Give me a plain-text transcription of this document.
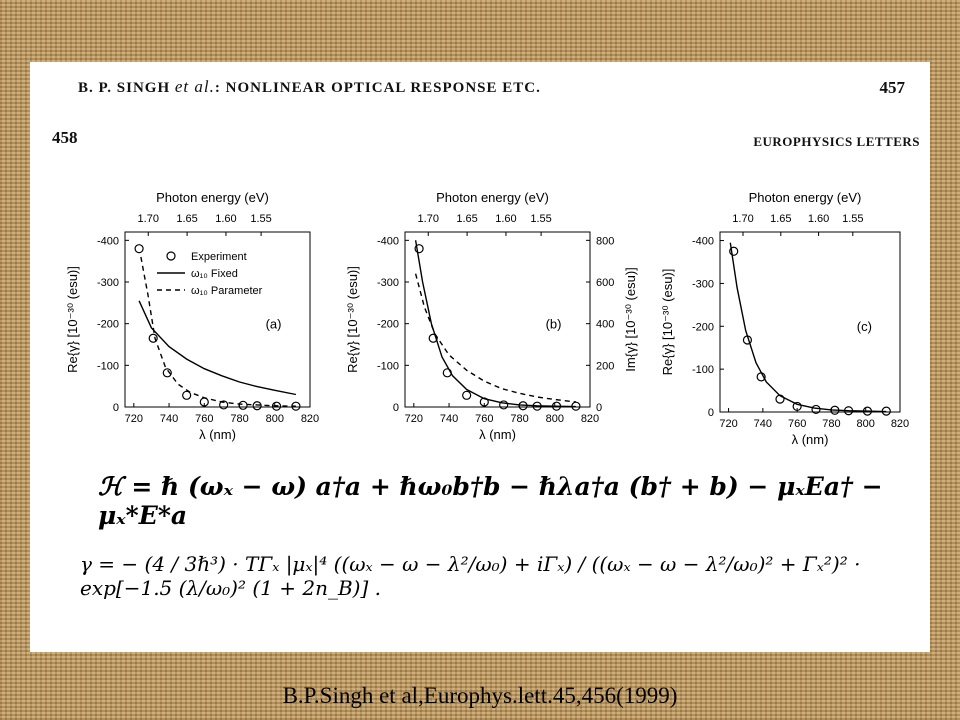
B. P. SINGH et al.: NONLINEAR OPTICAL RESPONSE ETC.	457
458	EUROPHYSICS LETTERS
Photon energy (eV)
1.70 1.65 1.60 1.55
720 740 760 780 800 820
λ (nm)
-400
-300
-200
-100
0
Re{γ} [10⁻³⁰ (esu)]	(a)
Experiment
ω₁₀ Fixed
ω₁₀ Parameter
Photon energy (eV)
1.70 1.65 1.60 1.55
720 740 760 780 800 820
λ (nm)
-400
-300
-200
-100
0
Re{γ} [10⁻³⁰ (esu)]
800
600
400
200
0
Im{γ} [10⁻³⁰ (esu)]
(b)
Photon energy (eV)
1.70 1.65 1.60 1.55
720 740 760 780 800 820
λ (nm)
-400
-300
-200
-100
0
Re{γ} [10⁻³⁰ (esu)]	(c)
ℋ = ℏ (ωₓ − ω) a†a + ℏω₀b†b − ℏλa†a (b† + b) − μₓEa† − μₓ*E*a
γ = − (4 / 3ℏ³) · TΓₓ |μₓ|⁴ ((ωₓ − ω − λ²/ω₀) + iΓₓ) / ((ωₓ − ω − λ²/ω₀)² + Γₓ²)² · exp[−1.5 (λ/ω₀)² (1 + 2n_B)] .
B.P.Singh et al,Europhys.lett.45,456(1999)
